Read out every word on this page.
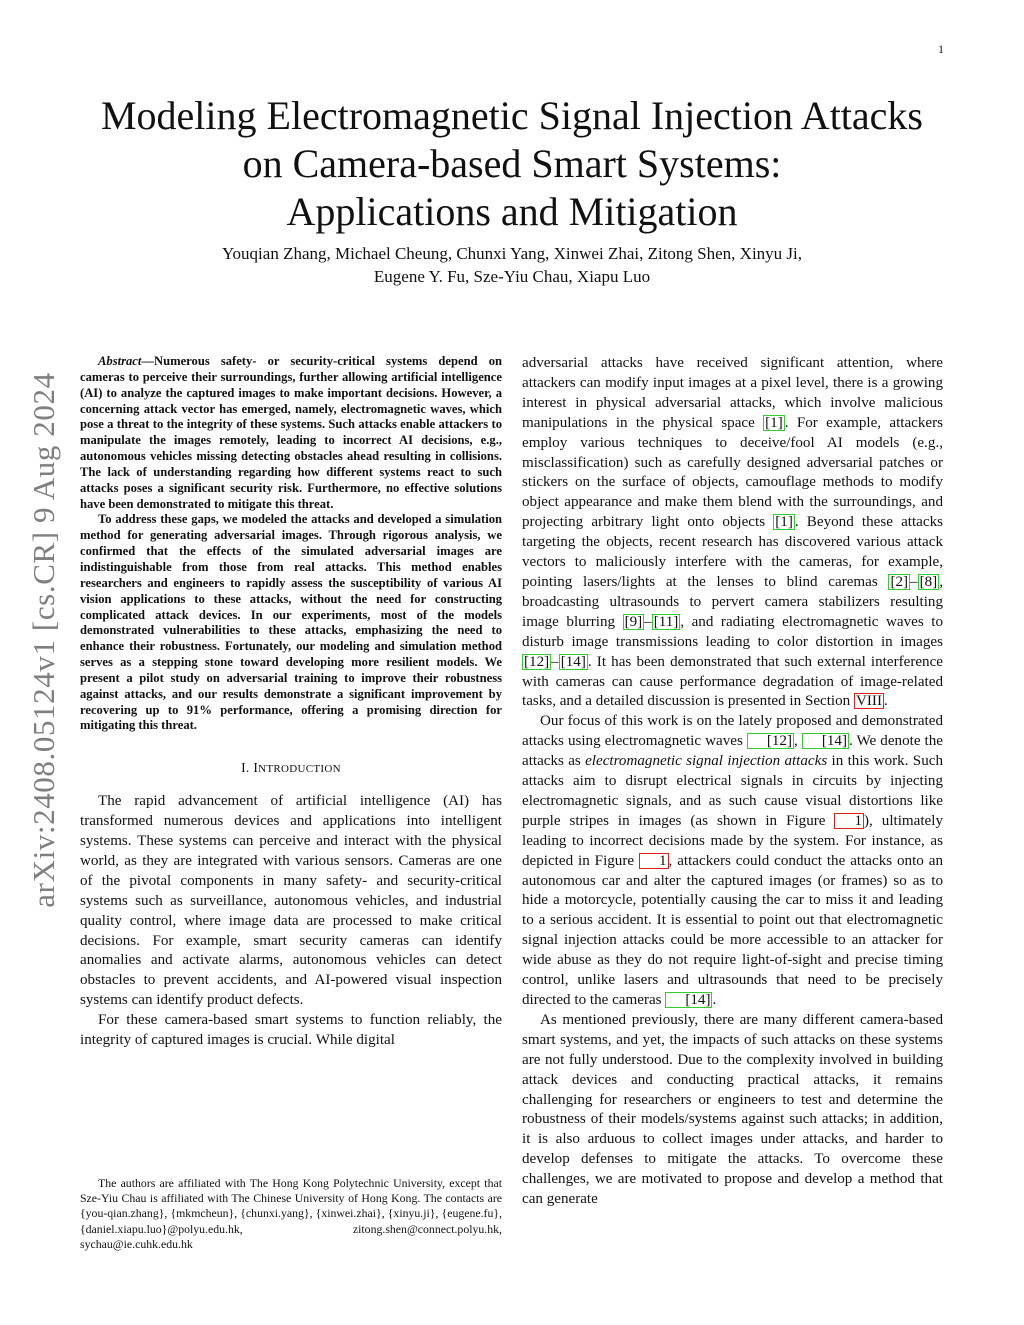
1
arXiv:2408.05124v1 [cs.CR] 9 Aug 2024
Modeling Electromagnetic Signal Injection Attacks
on Camera-based Smart Systems:
Applications and Mitigation
Youqian Zhang, Michael Cheung, Chunxi Yang, Xinwei Zhai, Zitong Shen, Xinyu Ji,
Eugene Y. Fu, Sze-Yiu Chau, Xiapu Luo

Abstract—Numerous safety- or security-critical systems depend on cameras to perceive their surroundings, further allowing artificial intelligence (AI) to analyze the captured images to make important decisions. However, a concerning attack vector has emerged, namely, electromagnetic waves, which pose a threat to the integrity of these systems. Such attacks enable attackers to manipulate the images remotely, leading to incorrect AI decisions, e.g., autonomous vehicles missing detecting obstacles ahead resulting in collisions. The lack of understanding regarding how different systems react to such attacks poses a significant security risk. Furthermore, no effective solutions have been demonstrated to mitigate this threat.

To address these gaps, we modeled the attacks and developed a simulation method for generating adversarial images. Through rigorous analysis, we confirmed that the effects of the simulated adversarial images are indistinguishable from those from real attacks. This method enables researchers and engineers to rapidly assess the susceptibility of various AI vision applications to these attacks, without the need for constructing complicated attack devices. In our experiments, most of the models demonstrated vulnerabilities to these attacks, emphasizing the need to enhance their robustness. Fortunately, our modeling and simulation method serves as a stepping stone toward developing more resilient models. We present a pilot study on adversarial training to improve their robustness against attacks, and our results demonstrate a significant improvement by recovering up to 91% performance, offering a promising direction for mitigating this threat.

I. INTRODUCTION

The rapid advancement of artificial intelligence (AI) has transformed numerous devices and applications into intelligent systems. These systems can perceive and interact with the physical world, as they are integrated with various sensors. Cameras are one of the pivotal components in many safety- and security-critical systems such as surveillance, autonomous vehicles, and industrial quality control, where image data are processed to make critical decisions. For example, smart security cameras can identify anomalies and activate alarms, autonomous vehicles can detect obstacles to prevent accidents, and AI-powered visual inspection systems can identify product defects.

For these camera-based smart systems to function reliably, the integrity of captured images is crucial. While digital

The authors are affiliated with The Hong Kong Polytechnic University, except that Sze-Yiu Chau is affiliated with The Chinese University of Hong Kong. The contacts are {you-qian.zhang}, {mkmcheun}, {chunxi.yang}, {xinwei.zhai}, {xinyu.ji}, {eugene.fu}, {daniel.xiapu.luo}@polyu.edu.hk, zitong.shen@connect.polyu.hk, sychau@ie.cuhk.edu.hk

adversarial attacks have received significant attention, where attackers can modify input images at a pixel level, there is a growing interest in physical adversarial attacks, which involve malicious manipulations in the physical space [1] . For example, attackers employ various techniques to deceive/fool AI models (e.g., misclassification) such as carefully designed adversarial patches or stickers on the surface of objects, camouflage methods to modify object appearance and make them blend with the surroundings, and projecting arbitrary light onto objects [1] . Beyond these attacks targeting the objects, recent research has discovered various attack vectors to maliciously interfere with the cameras, for example, pointing lasers/lights at the lenses to blind caremas [2] – [8] , broadcasting ultrasounds to pervert camera stabilizers resulting image blurring [9] – [11] , and radiating electromagnetic waves to disturb image transmissions leading to color distortion in images [12] – [14] . It has been demonstrated that such external interference with cameras can cause performance degradation of image-related tasks, and a detailed discussion is presented in Section VIII .

Our focus of this work is on the lately proposed and demonstrated attacks using electromagnetic waves [12] , [14] . We denote the attacks as electromagnetic signal injection attacks in this work. Such attacks aim to disrupt electrical signals in circuits by injecting electromagnetic signals, and as such cause visual distortions like purple stripes in images (as shown in Figure 1 ), ultimately leading to incorrect decisions made by the system. For instance, as depicted in Figure 1 , attackers could conduct the attacks onto an autonomous car and alter the captured images (or frames) so as to hide a motorcycle, potentially causing the car to miss it and leading to a serious accident. It is essential to point out that electromagnetic signal injection attacks could be more accessible to an attacker for wide abuse as they do not require light-of-sight and precise timing control, unlike lasers and ultrasounds that need to be precisely directed to the cameras [14] .

As mentioned previously, there are many different camera-based smart systems, and yet, the impacts of such attacks on these systems are not fully understood. Due to the complexity involved in building attack devices and conducting practical attacks, it remains challenging for researchers or engineers to test and determine the robustness of their models/systems against such attacks; in addition, it is also arduous to collect images under attacks, and harder to develop defenses to mitigate the attacks. To overcome these challenges, we are motivated to propose and develop a method that can generate
